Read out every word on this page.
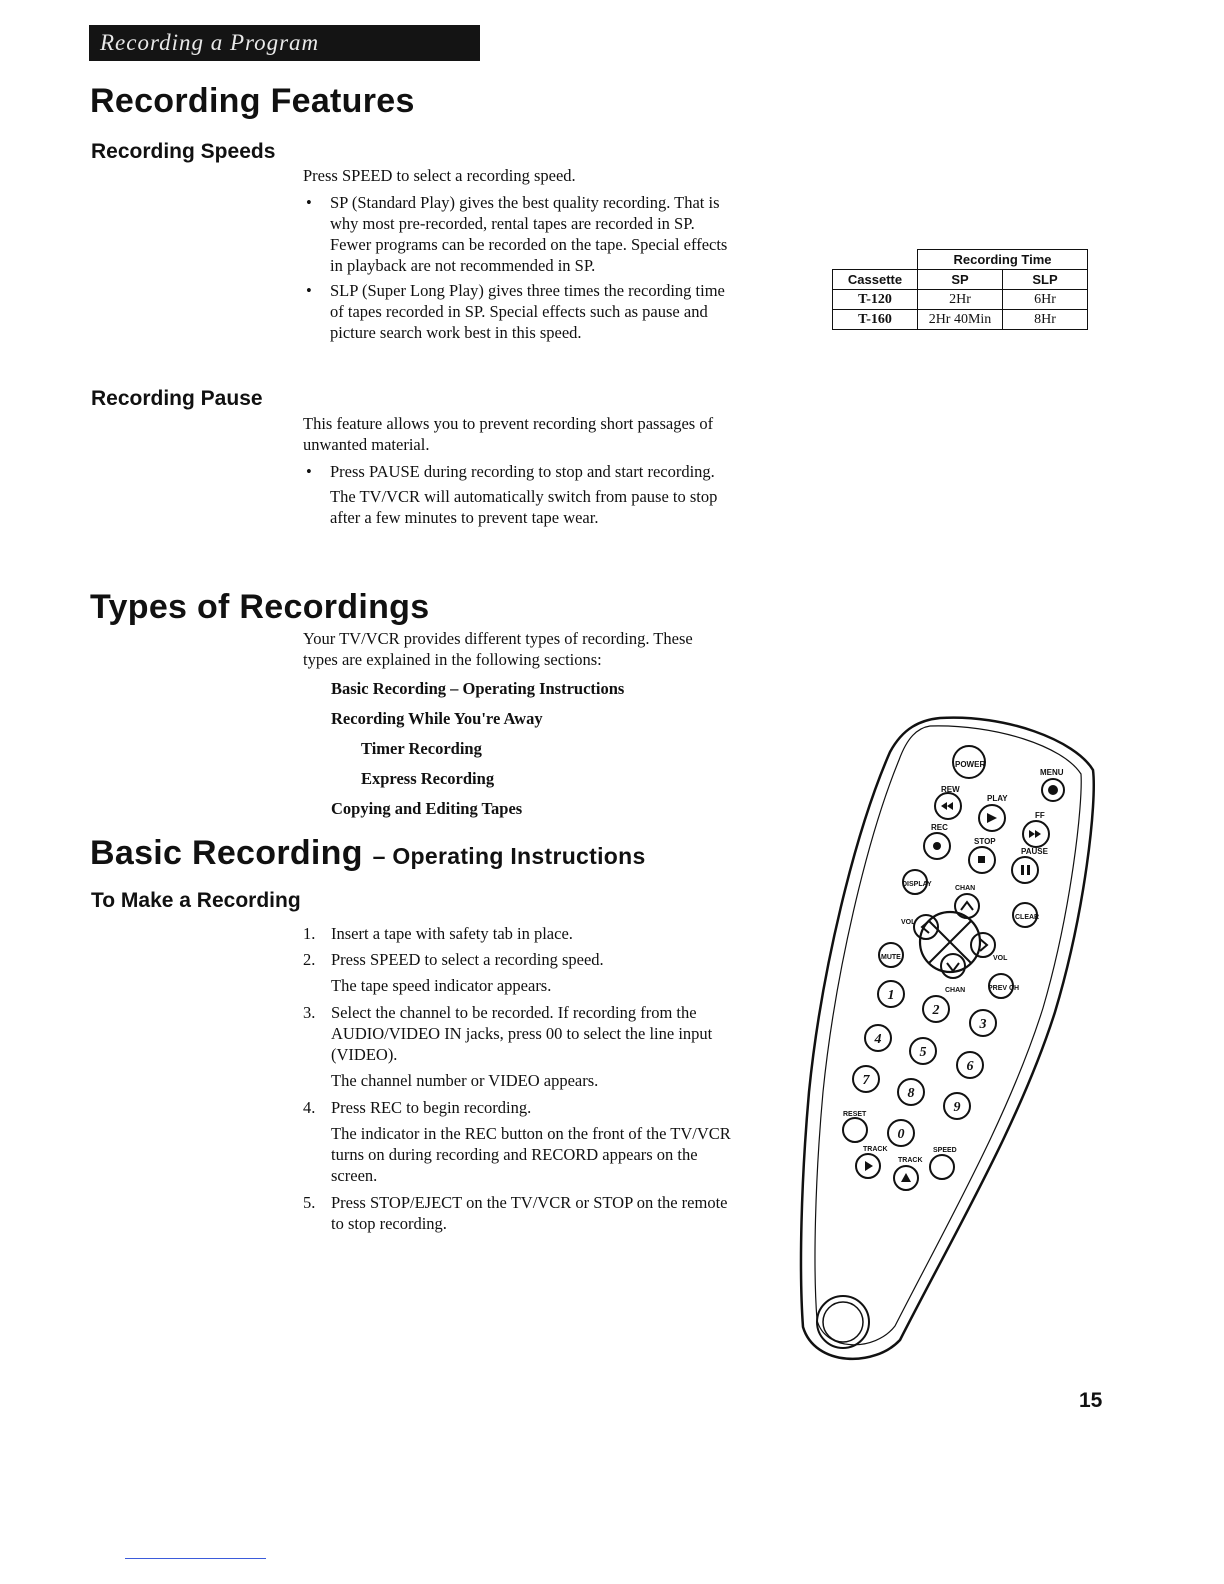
Recording a Program
Recording Features
Recording Speeds

Press SPEED to select a recording speed.

• SP (Standard Play) gives the best quality recording. That is why most pre-recorded, rental tapes are recorded in SP. Fewer programs can be recorded on the tape. Special effects in playback are not recommended in SP.

• SLP (Super Long Play) gives three times the recording time of tapes recorded in SP. Special effects such as pause and picture search work best in this speed.

Recording Pause

This feature allows you to prevent recording short passages of unwanted material.

• Press PAUSE during recording to stop and start recording.

The TV/VCR will automatically switch from pause to stop after a few minutes to prevent tape wear.

	Recording Time	
Cassette	SP	SLP
T-120	2Hr	6Hr
T-160	2Hr 40Min	8Hr
Types of Recordings

Your TV/VCR provides different types of recording. These types are explained in the following sections:

Basic Recording – Operating Instructions
Recording While You're Away
Timer Recording
Express Recording
Copying and Editing Tapes
Basic Recording – Operating Instructions
To Make a Recording
1. Insert a tape with safety tab in place.
2. Press SPEED to select a recording speed.

The tape speed indicator appears.

3. Select the channel to be recorded. If recording from the AUDIO/VIDEO IN jacks, press 00 to select the line input (VIDEO).

The channel number or VIDEO appears.

4. Press REC to begin recording.

The indicator in the REC button on the front of the TV/VCR turns on during recording and RECORD appears on the screen.

5. Press STOP/EJECT on the TV/VCR or STOP on the remote to stop recording.
POWER
MENU
REW
PLAY
FF
REC
STOP
PAUSE
DISPLAY
CHAN
CLEAR
VOL
VOL
MUTE
CHAN	PREV CH
1
2
3
4
5
6
7
8
9
0
RESET
SPEED
TRACK
TRACK
15
